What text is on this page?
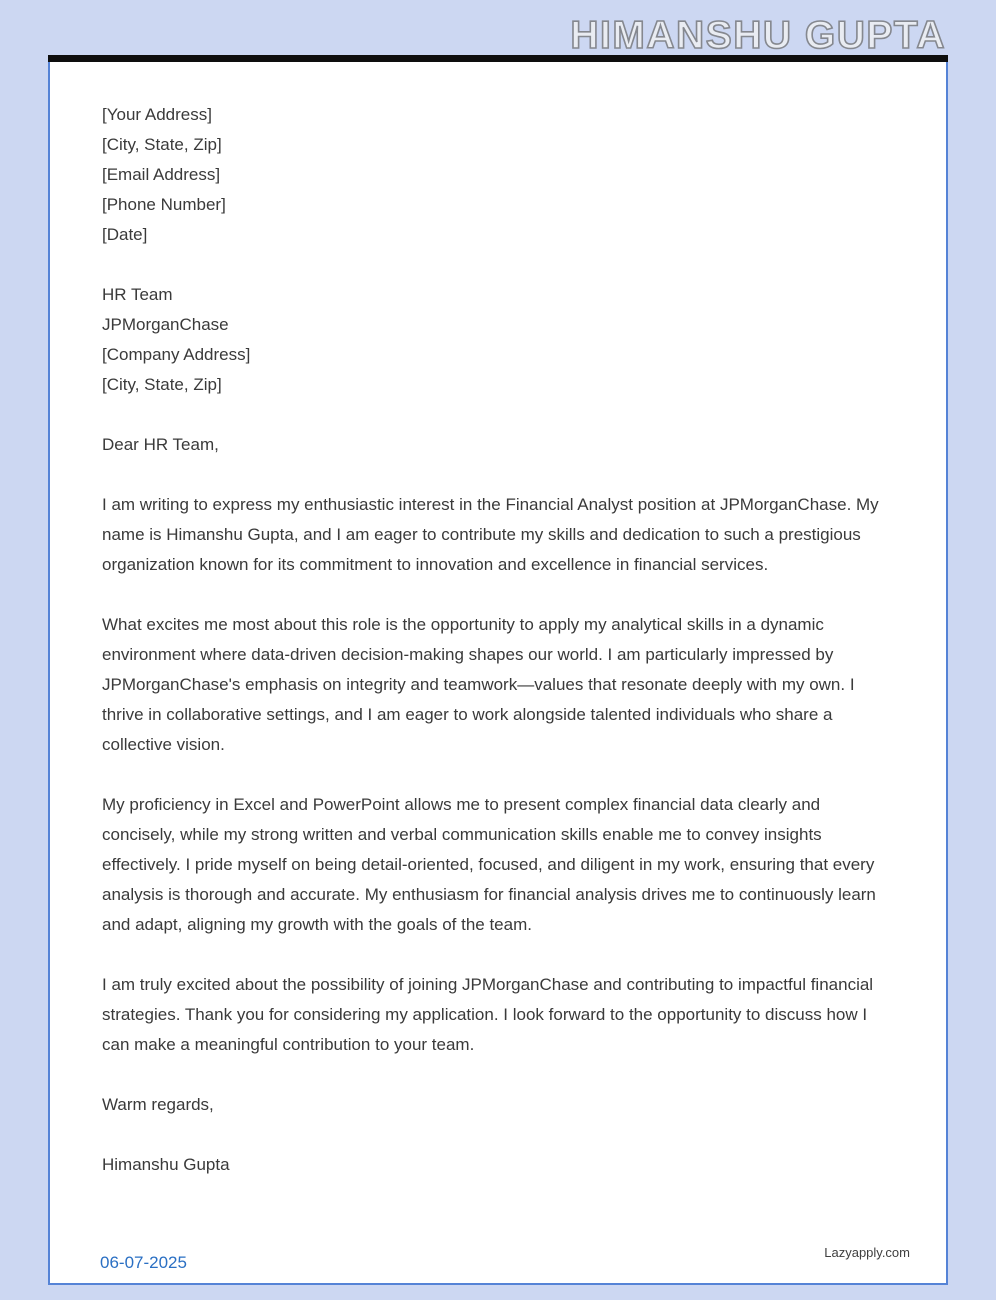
HIMANSHU GUPTA
[Your Address]
[City, State, Zip]
[Email Address]
[Phone Number]
[Date]
HR Team
JPMorganChase
[Company Address]
[City, State, Zip]
Dear HR Team,

I am writing to express my enthusiastic interest in the Financial Analyst position at JPMorganChase. My name is Himanshu Gupta, and I am eager to contribute my skills and dedication to such a prestigious organization known for its commitment to innovation and excellence in financial services.

What excites me most about this role is the opportunity to apply my analytical skills in a dynamic environment where data-driven decision-making shapes our world. I am particularly impressed by JPMorganChase's emphasis on integrity and teamwork—values that resonate deeply with my own. I thrive in collaborative settings, and I am eager to work alongside talented individuals who share a collective vision.

My proficiency in Excel and PowerPoint allows me to present complex financial data clearly and concisely, while my strong written and verbal communication skills enable me to convey insights effectively. I pride myself on being detail-oriented, focused, and diligent in my work, ensuring that every analysis is thorough and accurate. My enthusiasm for financial analysis drives me to continuously learn and adapt, aligning my growth with the goals of the team.

I am truly excited about the possibility of joining JPMorganChase and contributing to impactful financial strategies. Thank you for considering my application. I look forward to the opportunity to discuss how I can make a meaningful contribution to your team.

Warm regards,
Himanshu Gupta
06-07-2025
Lazyapply.com
